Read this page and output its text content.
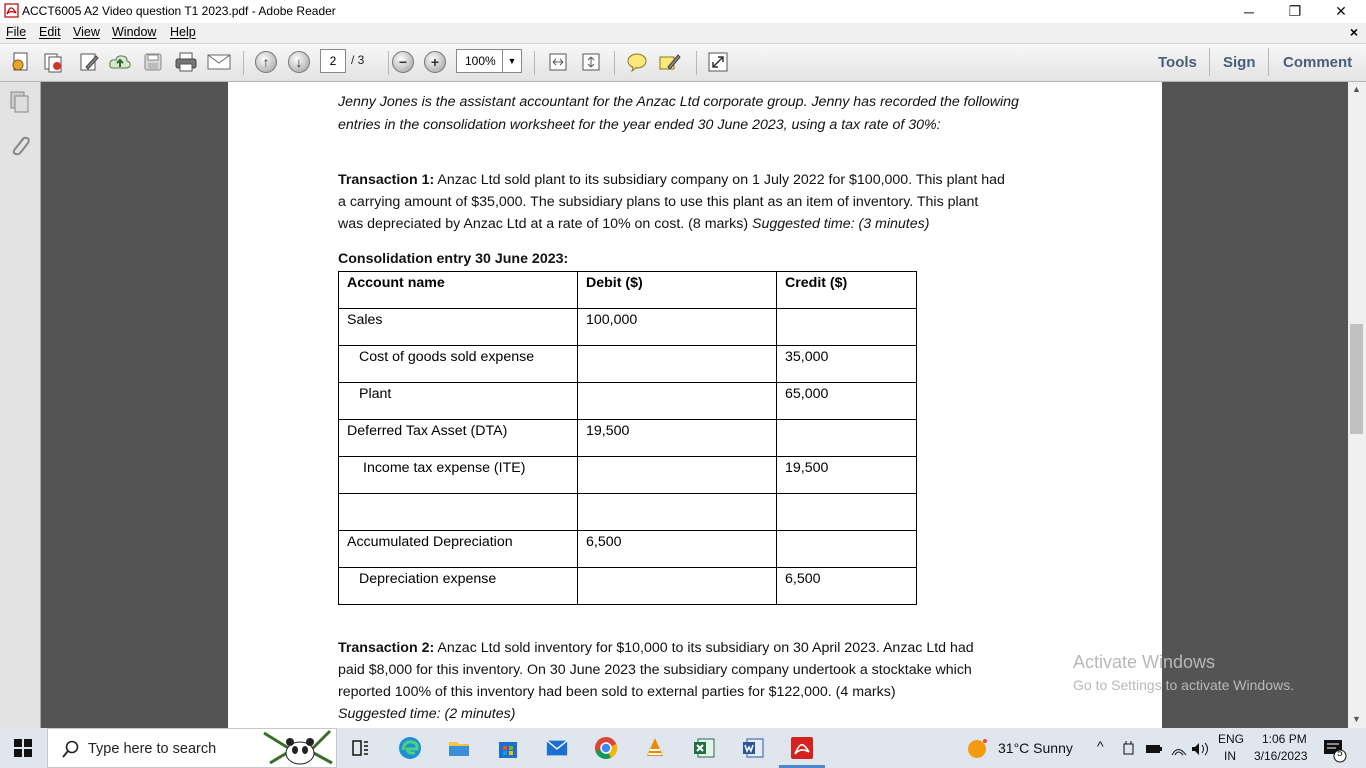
ACCT6005 A2 Video question T1 2023.pdf - Adobe Reader	─	❐	✕
File Edit View Window Help	×
↑	↓	−	+
2	/ 3	100%	▼	Tools Sign Comment
Jenny Jones is the assistant accountant for the Anzac Ltd corporate group. Jenny has recorded the following
entries in the consolidation worksheet for the year ended 30 June 2023, using a tax rate of 30%:
Transaction 1: Anzac Ltd sold plant to its subsidiary company on 1 July 2022 for $100,000. This plant had
a carrying amount of $35,000. The subsidiary plans to use this plant as an item of inventory. This plant
was depreciated by Anzac Ltd at a rate of 10% on cost. (8 marks) Suggested time: (3 minutes)
Consolidation entry 30 June 2023:
Account name	Debit ($)	Credit ($)
Sales	100,000	
Cost of goods sold expense		35,000
Plant		65,000
Deferred Tax Asset (DTA)	19,500	
Income tax expense (ITE)		19,500

Accumulated Depreciation	6,500	
Depreciation expense		6,500
Transaction 2: Anzac Ltd sold inventory for $10,000 to its subsidiary on 30 April 2023. Anzac Ltd had
paid $8,000 for this inventory. On 30 June 2023 the subsidiary company undertook a stocktake which
reported 100% of this inventory had been sold to external parties for $122,000. (4 marks)
Suggested time: (2 minutes)
▲
▼
Activate Windows
Go to Settings to activate Windows.
Type here to search	31°C Sunny ^	ENG
IN
1:06 PM
3/16/2023	5
